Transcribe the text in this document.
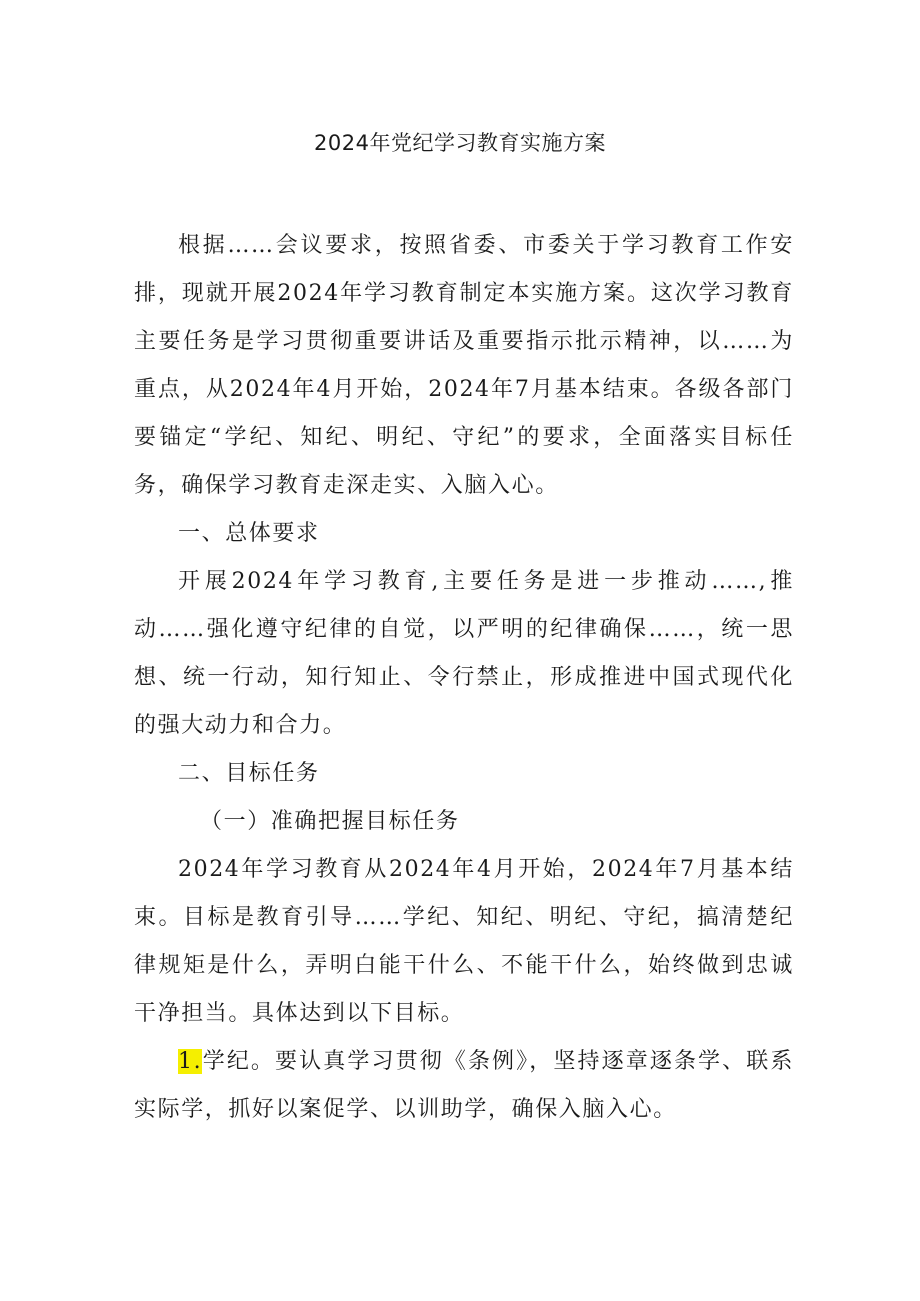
2024年党纪学习教育实施方案

根据……会议要求，按照省委、市委关于学习教育工作安排，现就开展2024年学习教育制定本实施方案。这次学习教育主要任务是学习贯彻重要讲话及重要指示批示精神，以……为重点，从2024年4月开始，2024年7月基本结束。各级各部门要锚定“学纪、知纪、明纪、守纪”的要求，全面落实目标任务，确保学习教育走深走实、入脑入心。

一、总体要求

开展2024年学习教育,主要任务是进一步推动……,推动……强化遵守纪律的自觉，以严明的纪律确保……，统一思想、统一行动，知行知止、令行禁止，形成推进中国式现代化的强大动力和合力。

二、目标任务

（一）准确把握目标任务

2024年学习教育从2024年4月开始，2024年7月基本结束。目标是教育引导……学纪、知纪、明纪、守纪，搞清楚纪律规矩是什么，弄明白能干什么、不能干什么，始终做到忠诚干净担当。具体达到以下目标。

1.学纪。要认真学习贯彻《条例》，坚持逐章逐条学、联系实际学，抓好以案促学、以训助学，确保入脑入心。
